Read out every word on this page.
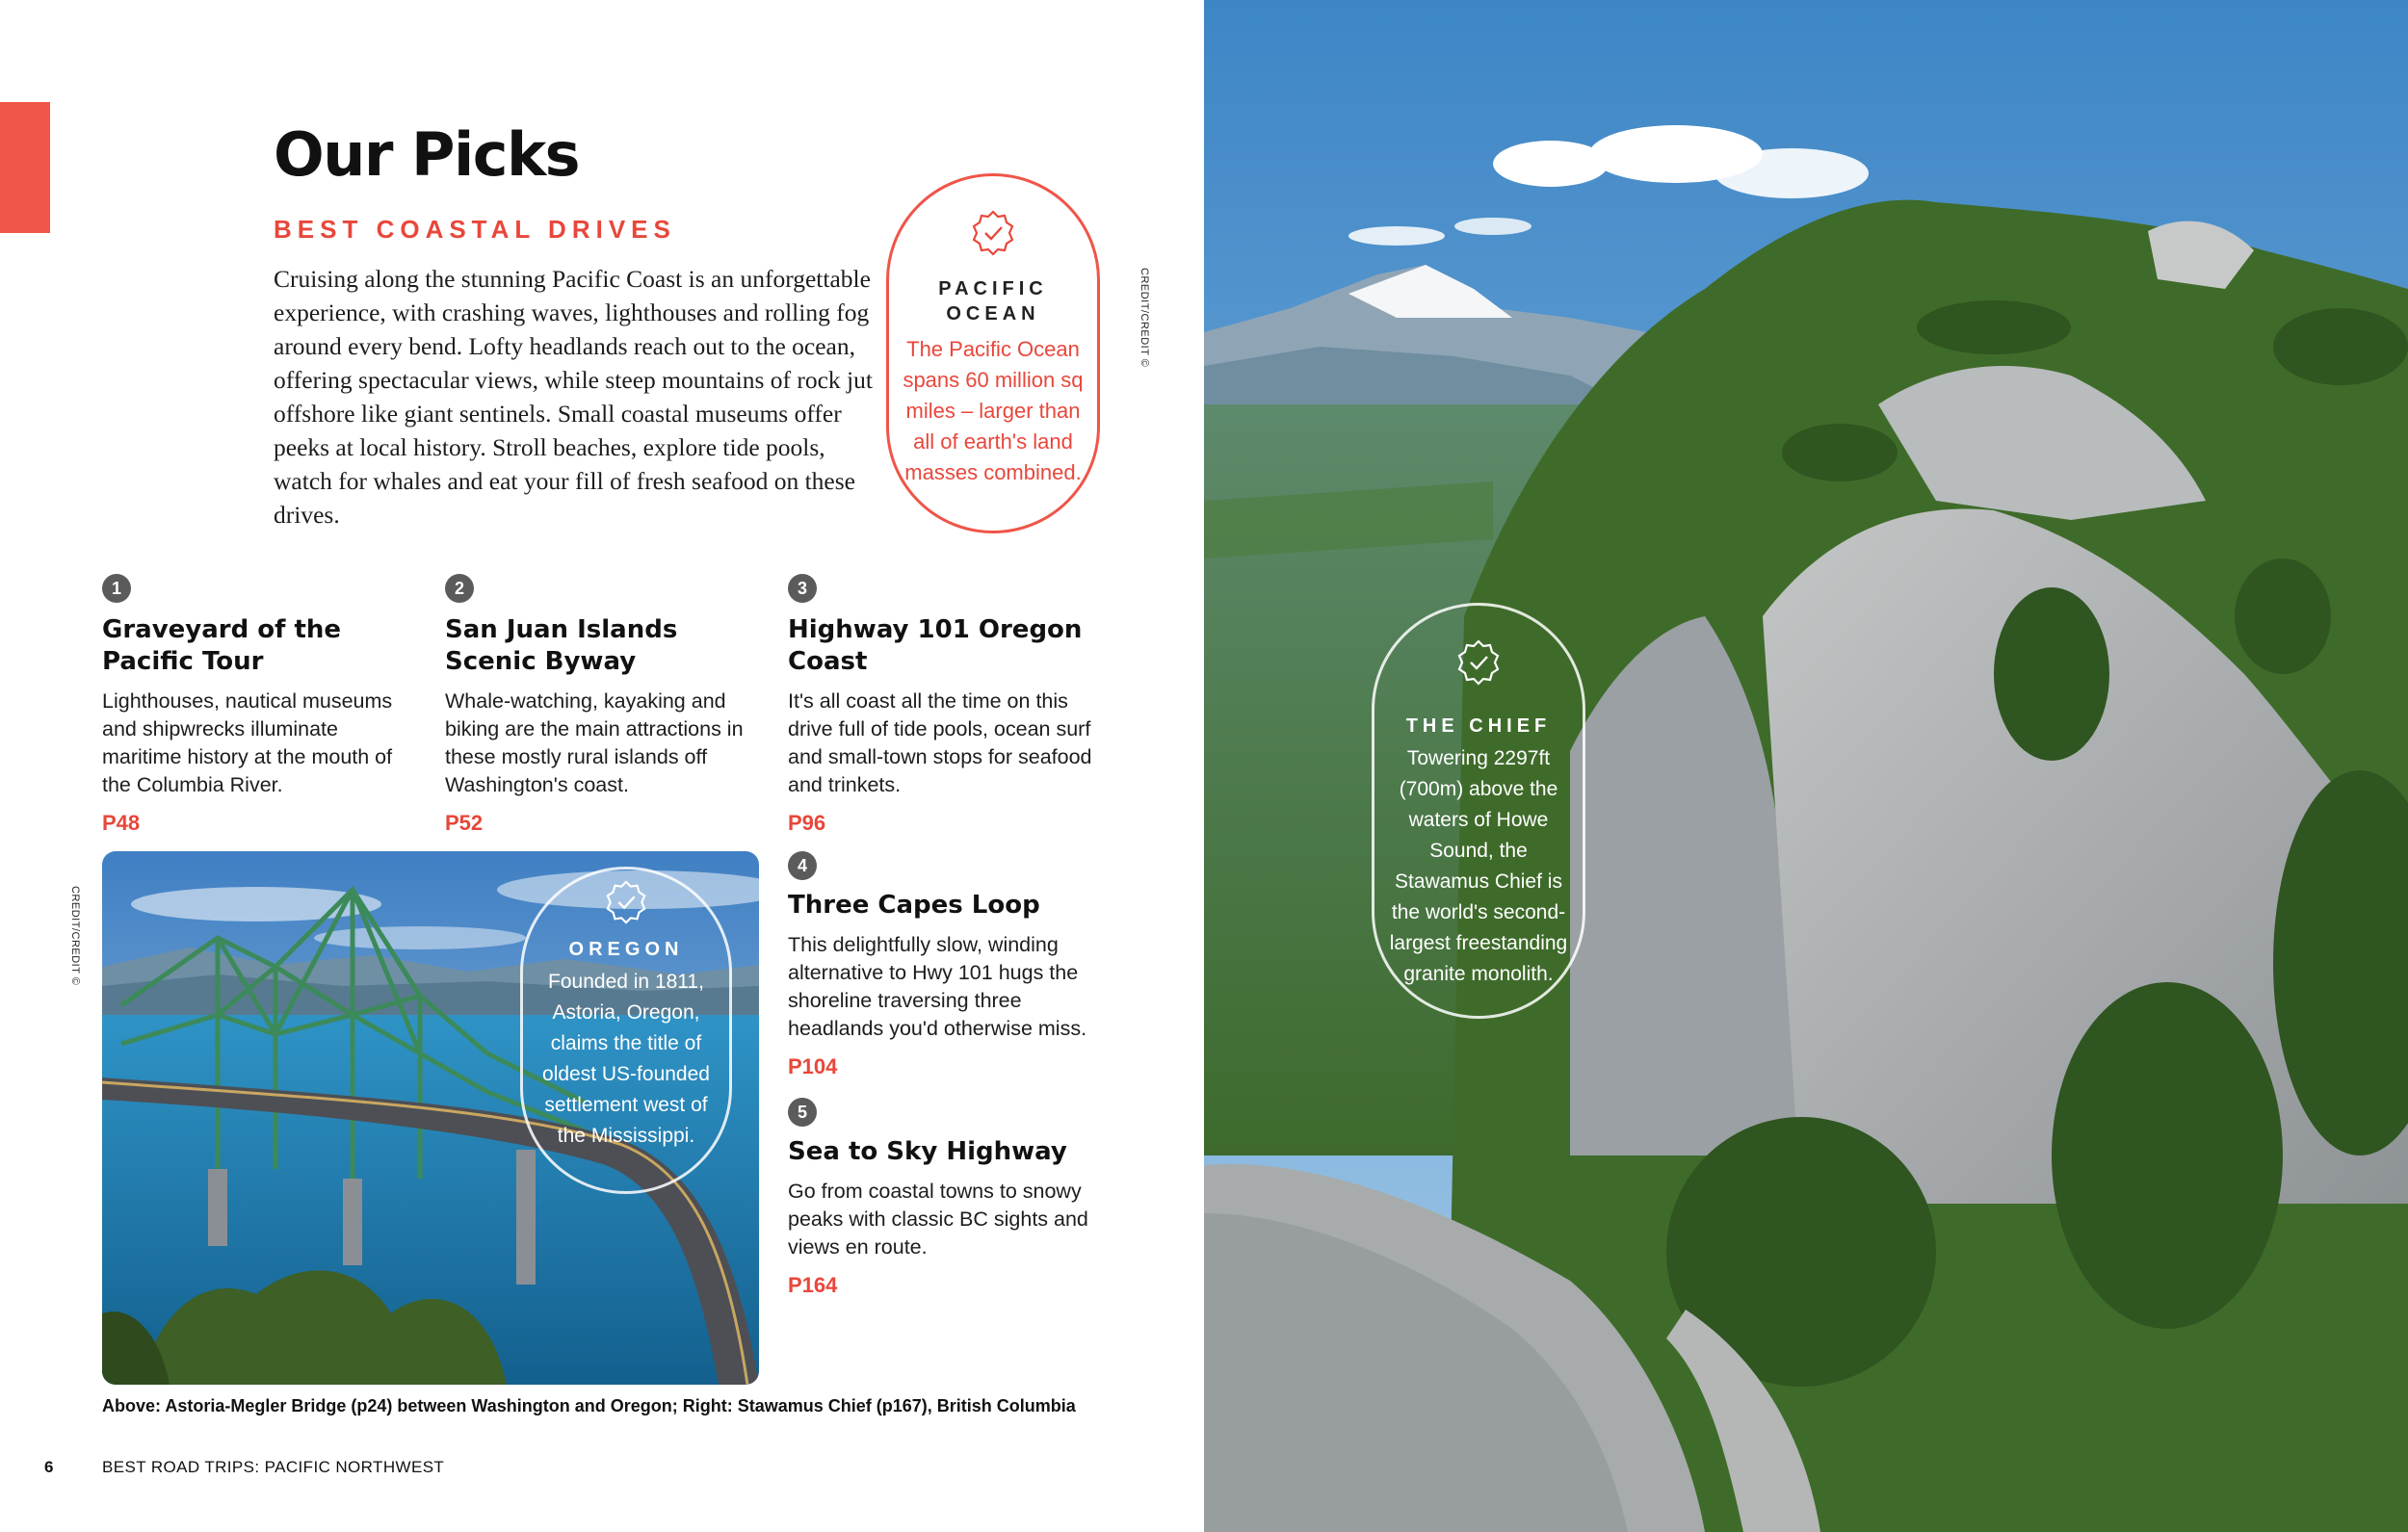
Our Picks
BEST COASTAL DRIVES

Cruising along the stunning Pacific Coast is an unforgettable experience, with crashing waves, lighthouses and rolling fog around every bend. Lofty headlands reach out to the ocean, offering spectacular views, while steep mountains of rock jut offshore like giant sentinels. Small coastal museums offer peeks at local history. Stroll beaches, explore tide pools, watch for whales and eat your fill of fresh seafood on these drives.

PACIFIC OCEAN
The Pacific Ocean spans 60 million sq miles – larger than all of earth's land masses combined.
CREDIT/CREDIT ©
1
Graveyard of the Pacific Tour
Lighthouses, nautical museums and shipwrecks illuminate maritime history at the mouth of the Columbia River.
P48
2
San Juan Islands Scenic Byway
Whale-watching, kayaking and biking are the main attractions in these mostly rural islands off Washington's coast.
P52
3
Highway 101 Oregon Coast
It's all coast all the time on this drive full of tide pools, ocean surf and small-town stops for seafood and trinkets.
P96
4
Three Capes Loop
This delightfully slow, winding alternative to Hwy 101 hugs the shoreline traversing three headlands you'd otherwise miss.
P104
5
Sea to Sky Highway
Go from coastal towns to snowy peaks with classic BC sights and views en route.
P164
OREGON
Founded in 1811, Astoria, Oregon, claims the title of oldest US-founded settlement west of the Mississippi.
CREDIT/CREDIT ©
Above: Astoria-Megler Bridge (p24) between Washington and Oregon; Right: Stawamus Chief (p167), British Columbia
6	BEST ROAD TRIPS: PACIFIC NORTHWEST
THE CHIEF
Towering 2297ft (700m) above the waters of Howe Sound, the Stawamus Chief is the world's second-largest freestanding granite monolith.
